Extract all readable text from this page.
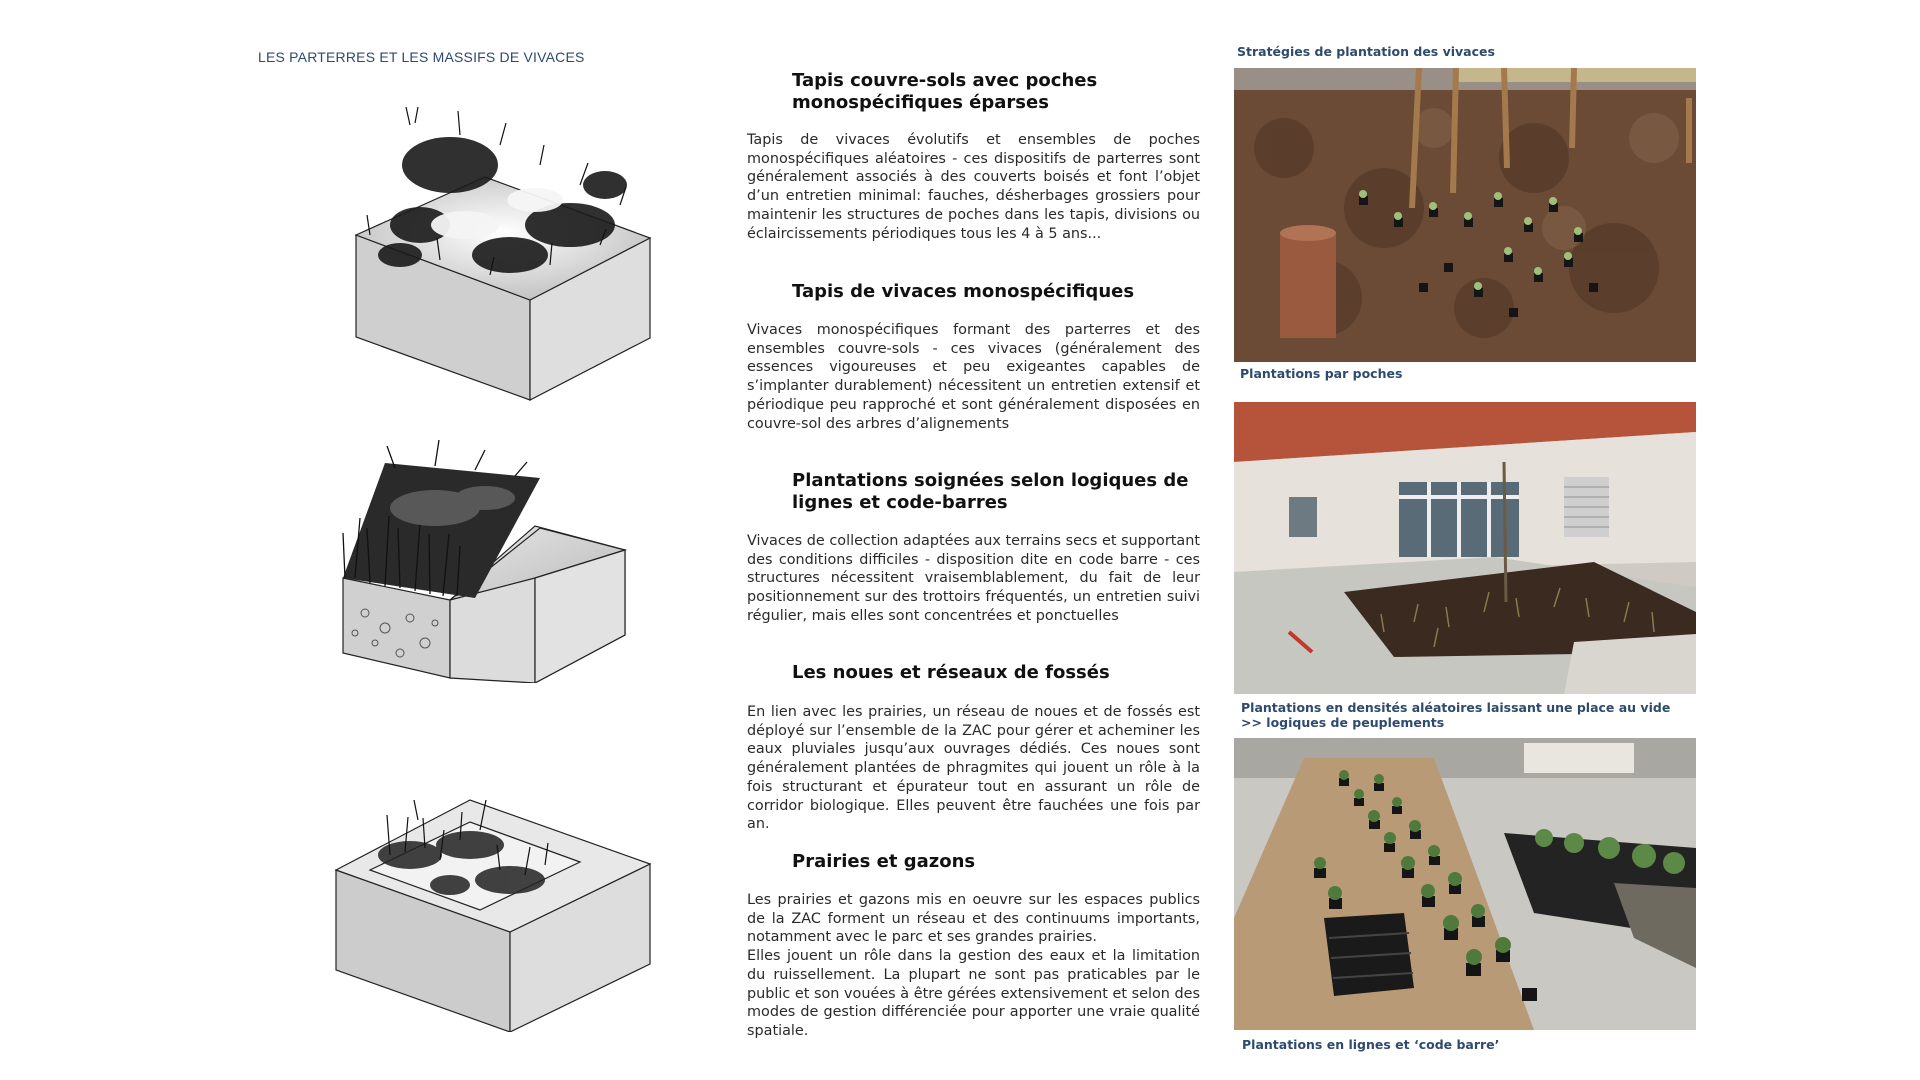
LES PARTERRES ET LES MASSIFS DE VIVACES
Tapis couvre-sols avec poches monospécifiques éparses

Tapis de vivaces évolutifs et ensembles de poches monospécifiques aléatoires - ces dispositifs de parterres sont généralement associés à des couverts boisés et font l’objet d’un entretien minimal: fauches, désherbages grossiers pour maintenir les structures de poches dans les tapis, divisions ou éclaircissements périodiques tous les 4 à 5 ans...

Tapis de vivaces monospécifiques

Vivaces monospécifiques formant des parterres et des ensembles couvre-sols - ces vivaces (généralement des essences vigoureuses et peu exigeantes capables de s’implanter durablement) nécessitent un entretien extensif et périodique peu rapproché et sont généralement disposées en couvre-sol des arbres d’alignements

Plantations soignées selon logiques de lignes et code-barres

Vivaces de collection adaptées aux terrains secs et supportant des conditions difficiles - disposition dite en code barre - ces structures nécessitent vraisemblablement, du fait de leur positionnement sur des trottoirs fréquentés, un entretien suivi régulier, mais elles sont concentrées et ponctuelles

Les noues et réseaux de fossés

En lien avec les prairies, un réseau de noues et de fossés est déployé sur l’ensemble de la ZAC pour gérer et acheminer les eaux pluviales jusqu’aux ouvrages dédiés. Ces noues sont généralement plantées de phragmites qui jouent un rôle à la fois structurant et épurateur tout en assurant un rôle de corridor biologique. Elles peuvent être fauchées une fois par an.

Prairies et gazons

Les prairies et gazons mis en oeuvre sur les espaces publics de la ZAC forment un réseau et des continuums importants, notamment avec le parc et ses grandes prairies.
Elles jouent un rôle dans la gestion des eaux et la limitation du ruissellement. La plupart ne sont pas praticables par le public et son vouées à être gérées extensivement et selon des modes de gestion différenciée pour apporter une vraie qualité spatiale.

Stratégies de plantation des vivaces
Plantations par poches
Plantations en densités aléatoires laissant une place au vide >> logiques de peuplements
Plantations en lignes et ‘code barre’
